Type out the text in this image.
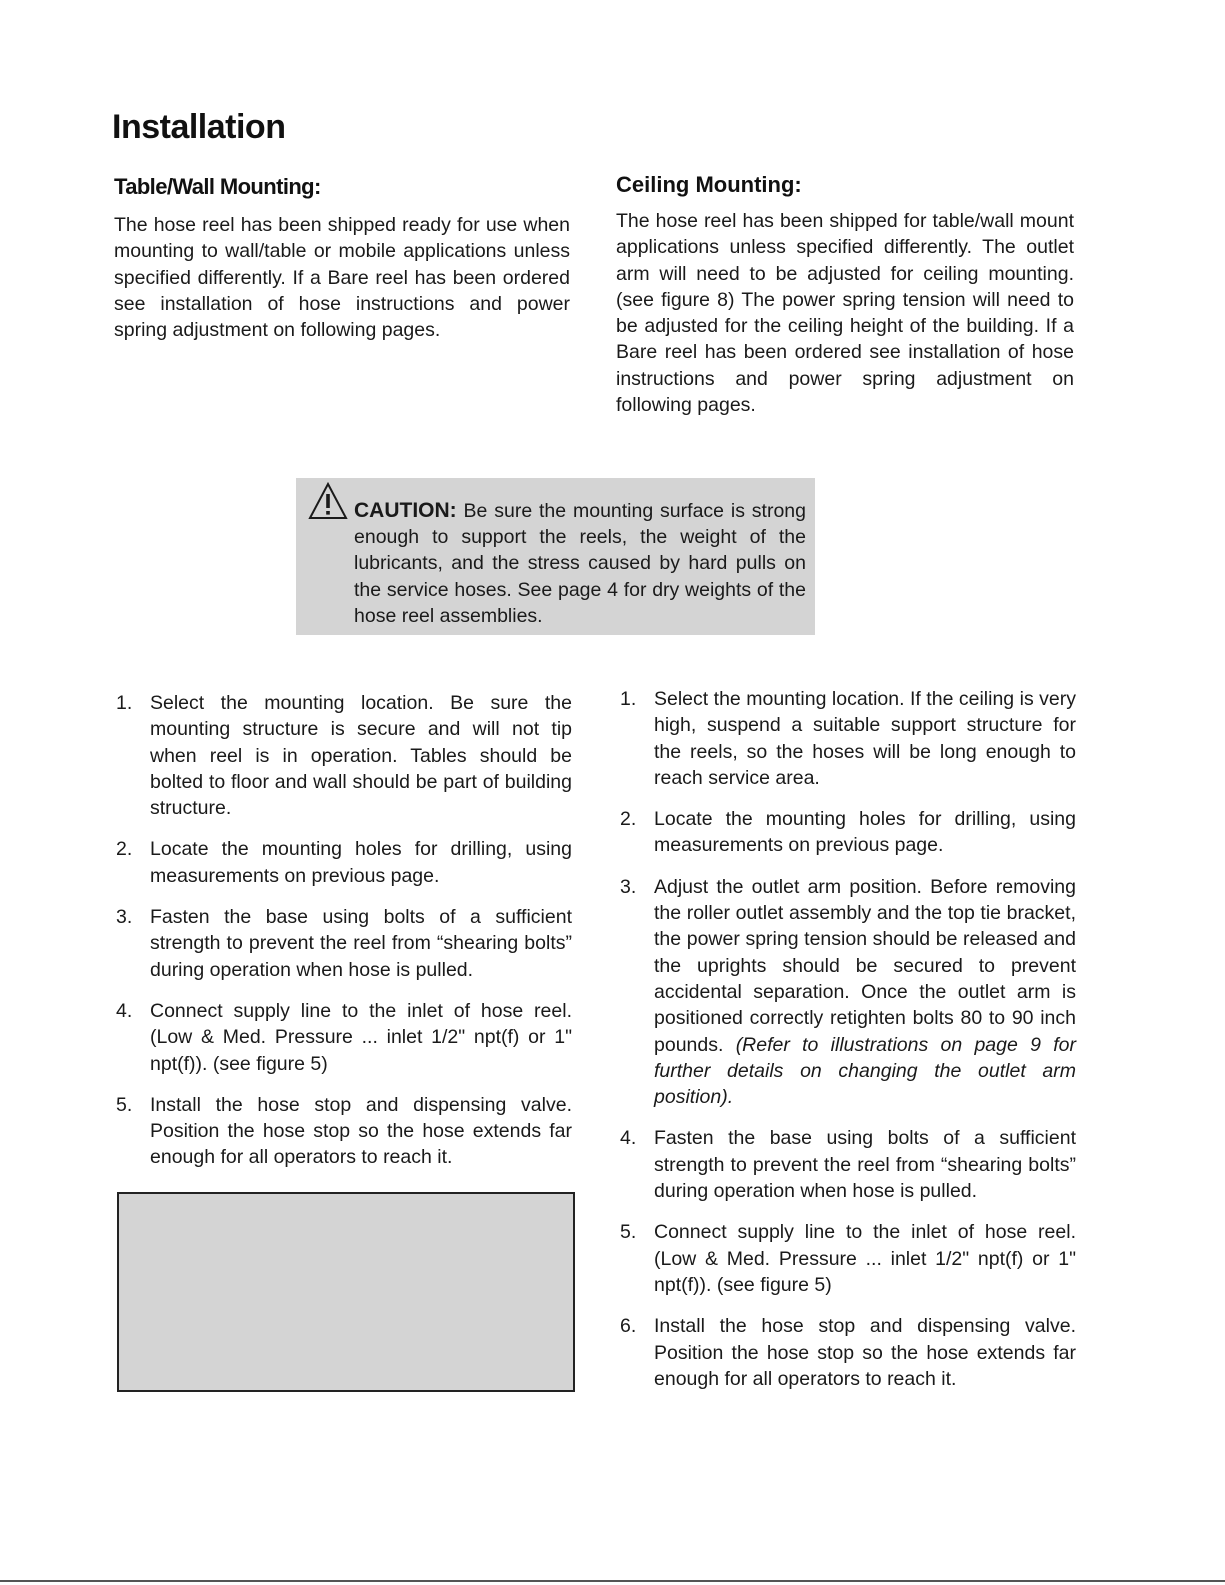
Installation
Table/Wall Mounting:

The hose reel has been shipped ready for use when mounting to wall/table or mobile applications unless specified differently. If a Bare reel has been ordered see installation of hose instructions and power spring adjustment on following pages.

Ceiling Mounting:

The hose reel has been shipped for table/wall mount applications unless specified differently. The outlet arm will need to be adjusted for ceiling mounting. (see figure 8) The power spring tension will need to be adjusted for the ceiling height of the building. If a Bare reel has been ordered see installation of hose instructions and power spring adjustment on following pages.

CAUTION: Be sure the mounting surface is strong enough to support the reels, the weight of the lubricants, and the stress caused by hard pulls on the service hoses. See page 4 for dry weights of the hose reel assemblies.

1. Select the mounting location. Be sure the mounting structure is secure and will not tip when reel is in operation. Tables should be bolted to floor and wall should be part of building structure.
2. Locate the mounting holes for drilling, using measurements on previous page.
3. Fasten the base using bolts of a sufficient strength to prevent the reel from “shearing bolts” during operation when hose is pulled.
4. Connect supply line to the inlet of hose reel. (Low & Med. Pressure ... inlet 1/2" npt(f) or 1" npt(f)). (see figure 5)
5. Install the hose stop and dispensing valve. Position the hose stop so the hose extends far enough for all operators to reach it.
1. Select the mounting location. If the ceiling is very high, suspend a suitable support structure for the reels, so the hoses will be long enough to reach service area.
2. Locate the mounting holes for drilling, using measurements on previous page.
3. Adjust the outlet arm position. Before removing the roller outlet assembly and the top tie bracket, the power spring tension should be released and the uprights should be secured to prevent accidental separation. Once the outlet arm is positioned correctly retighten bolts 80 to 90 inch pounds. (Refer to illustrations on page 9 for further details on changing the outlet arm position).
4. Fasten the base using bolts of a sufficient strength to prevent the reel from “shearing bolts” during operation when hose is pulled.
5. Connect supply line to the inlet of hose reel. (Low & Med. Pressure ... inlet 1/2" npt(f) or 1" npt(f)). (see figure 5)
6. Install the hose stop and dispensing valve. Position the hose stop so the hose extends far enough for all operators to reach it.
